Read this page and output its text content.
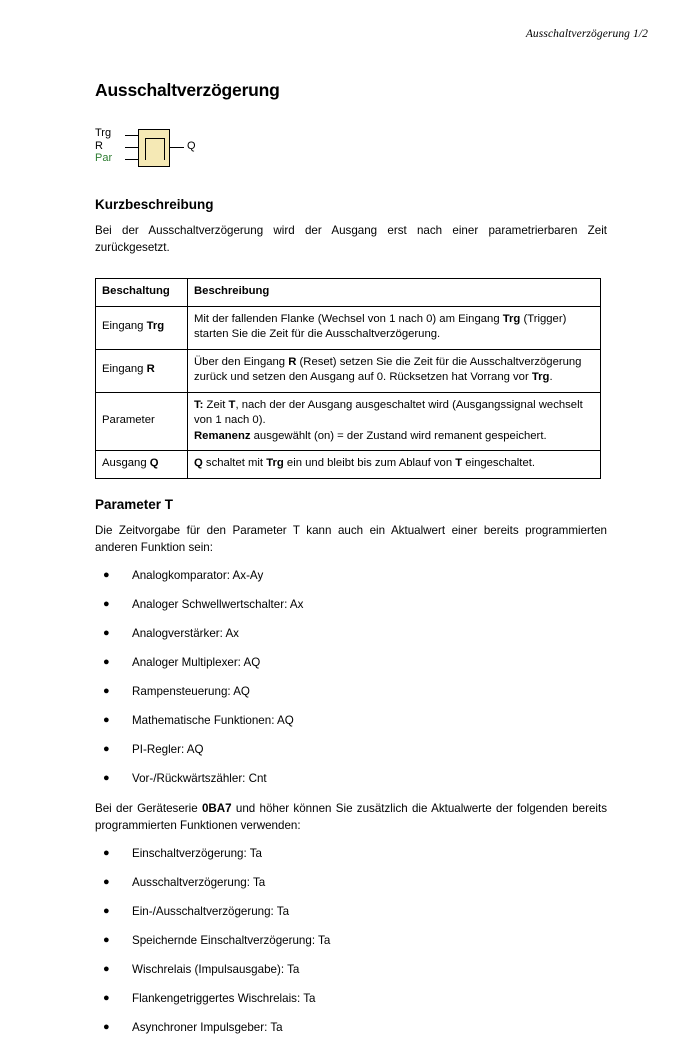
Ausschaltverzögerung 1/2
Ausschaltverzögerung
Trg
R
Par
Q
Kurzbeschreibung

Bei der Ausschaltverzögerung wird der Ausgang erst nach einer parametrierbaren Zeit zurückgesetzt.

Beschaltung	Beschreibung
Eingang Trg	Mit der fallenden Flanke (Wechsel von 1 nach 0) am Eingang Trg (Trigger) starten Sie die Zeit für die Ausschaltverzögerung.
Eingang R	Über den Eingang R (Reset) setzen Sie die Zeit für die Ausschaltverzögerung zurück und setzen den Ausgang auf 0. Rücksetzen hat Vorrang vor Trg.
Parameter	T: Zeit T, nach der der Ausgang ausgeschaltet wird (Ausgangssignal wechselt von 1 nach 0).
Remanenz ausgewählt (on) = der Zustand wird remanent gespeichert.
Ausgang Q	Q schaltet mit Trg ein und bleibt bis zum Ablauf von T eingeschaltet.
Parameter T

Die Zeitvorgabe für den Parameter T kann auch ein Aktualwert einer bereits programmierten anderen Funktion sein:

● Analogkomparator: Ax-Ay
● Analoger Schwellwertschalter: Ax
● Analogverstärker: Ax
● Analoger Multiplexer: AQ
● Rampensteuerung: AQ
● Mathematische Funktionen: AQ
● PI-Regler: AQ
● Vor-/Rückwärtszähler: Cnt

Bei der Geräteserie 0BA7 und höher können Sie zusätzlich die Aktualwerte der folgenden bereits programmierten Funktionen verwenden:

● Einschaltverzögerung: Ta
● Ausschaltverzögerung: Ta
● Ein-/Ausschaltverzögerung: Ta
● Speichernde Einschaltverzögerung: Ta
● Wischrelais (Impulsausgabe): Ta
● Flankengetriggertes Wischrelais: Ta
● Asynchroner Impulsgeber: Ta
